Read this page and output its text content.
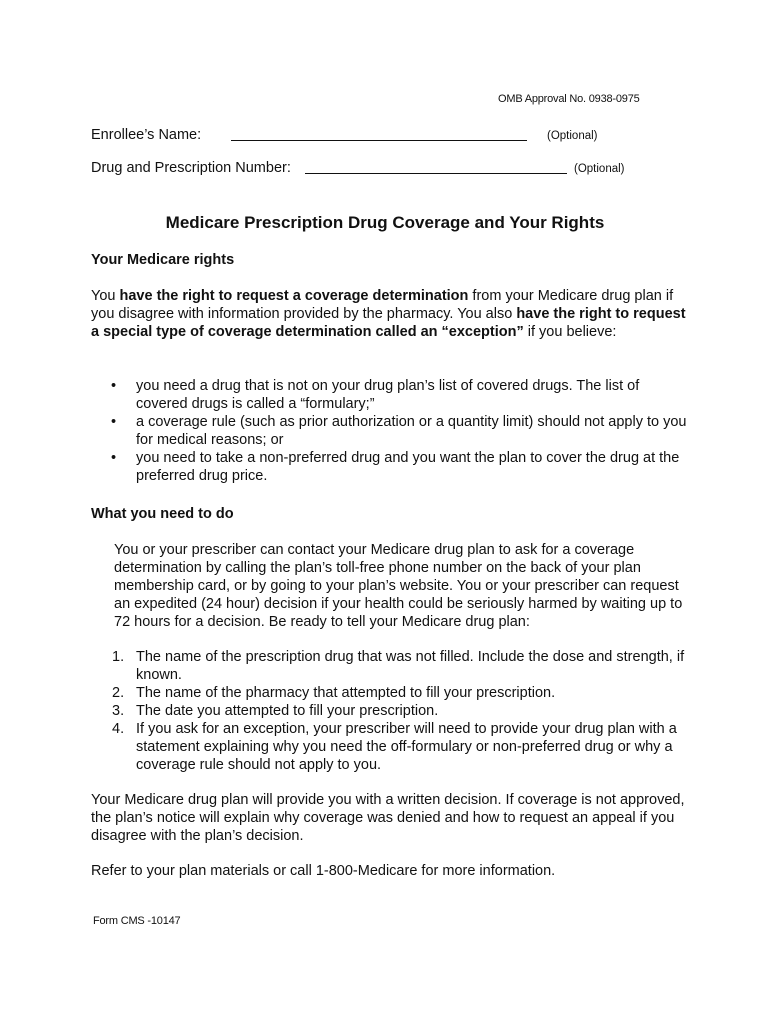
OMB Approval No. 0938-0975
Enrollee’s Name:	(Optional)
Drug and Prescription Number:	(Optional)
Medicare Prescription Drug Coverage and Your Rights
Your Medicare rights
You have the right to request a coverage determination from your Medicare drug plan if you disagree with information provided by the pharmacy. You also have the right to request a special type of coverage determination called an “exception” if you believe:
• you need a drug that is not on your drug plan’s list of covered drugs. The list of covered drugs is called a “formulary;”
• a coverage rule (such as prior authorization or a quantity limit) should not apply to you for medical reasons; or
• you need to take a non-preferred drug and you want the plan to cover the drug at the preferred drug price.
What you need to do
You or your prescriber can contact your Medicare drug plan to ask for a coverage determination by calling the plan’s toll-free phone number on the back of your plan membership card, or by going to your plan’s website. You or your prescriber can request an expedited (24 hour) decision if your health could be seriously harmed by waiting up to 72 hours for a decision. Be ready to tell your Medicare drug plan:
1. The name of the prescription drug that was not filled. Include the dose and strength, if known.
2. The name of the pharmacy that attempted to fill your prescription.
3. The date you attempted to fill your prescription.
4. If you ask for an exception, your prescriber will need to provide your drug plan with a statement explaining why you need the off-formulary or non-preferred drug or why a coverage rule should not apply to you.
Your Medicare drug plan will provide you with a written decision. If coverage is not approved, the plan’s notice will explain why coverage was denied and how to request an appeal if you disagree with the plan’s decision.
Refer to your plan materials or call 1-800-Medicare for more information.
Form CMS -10147
